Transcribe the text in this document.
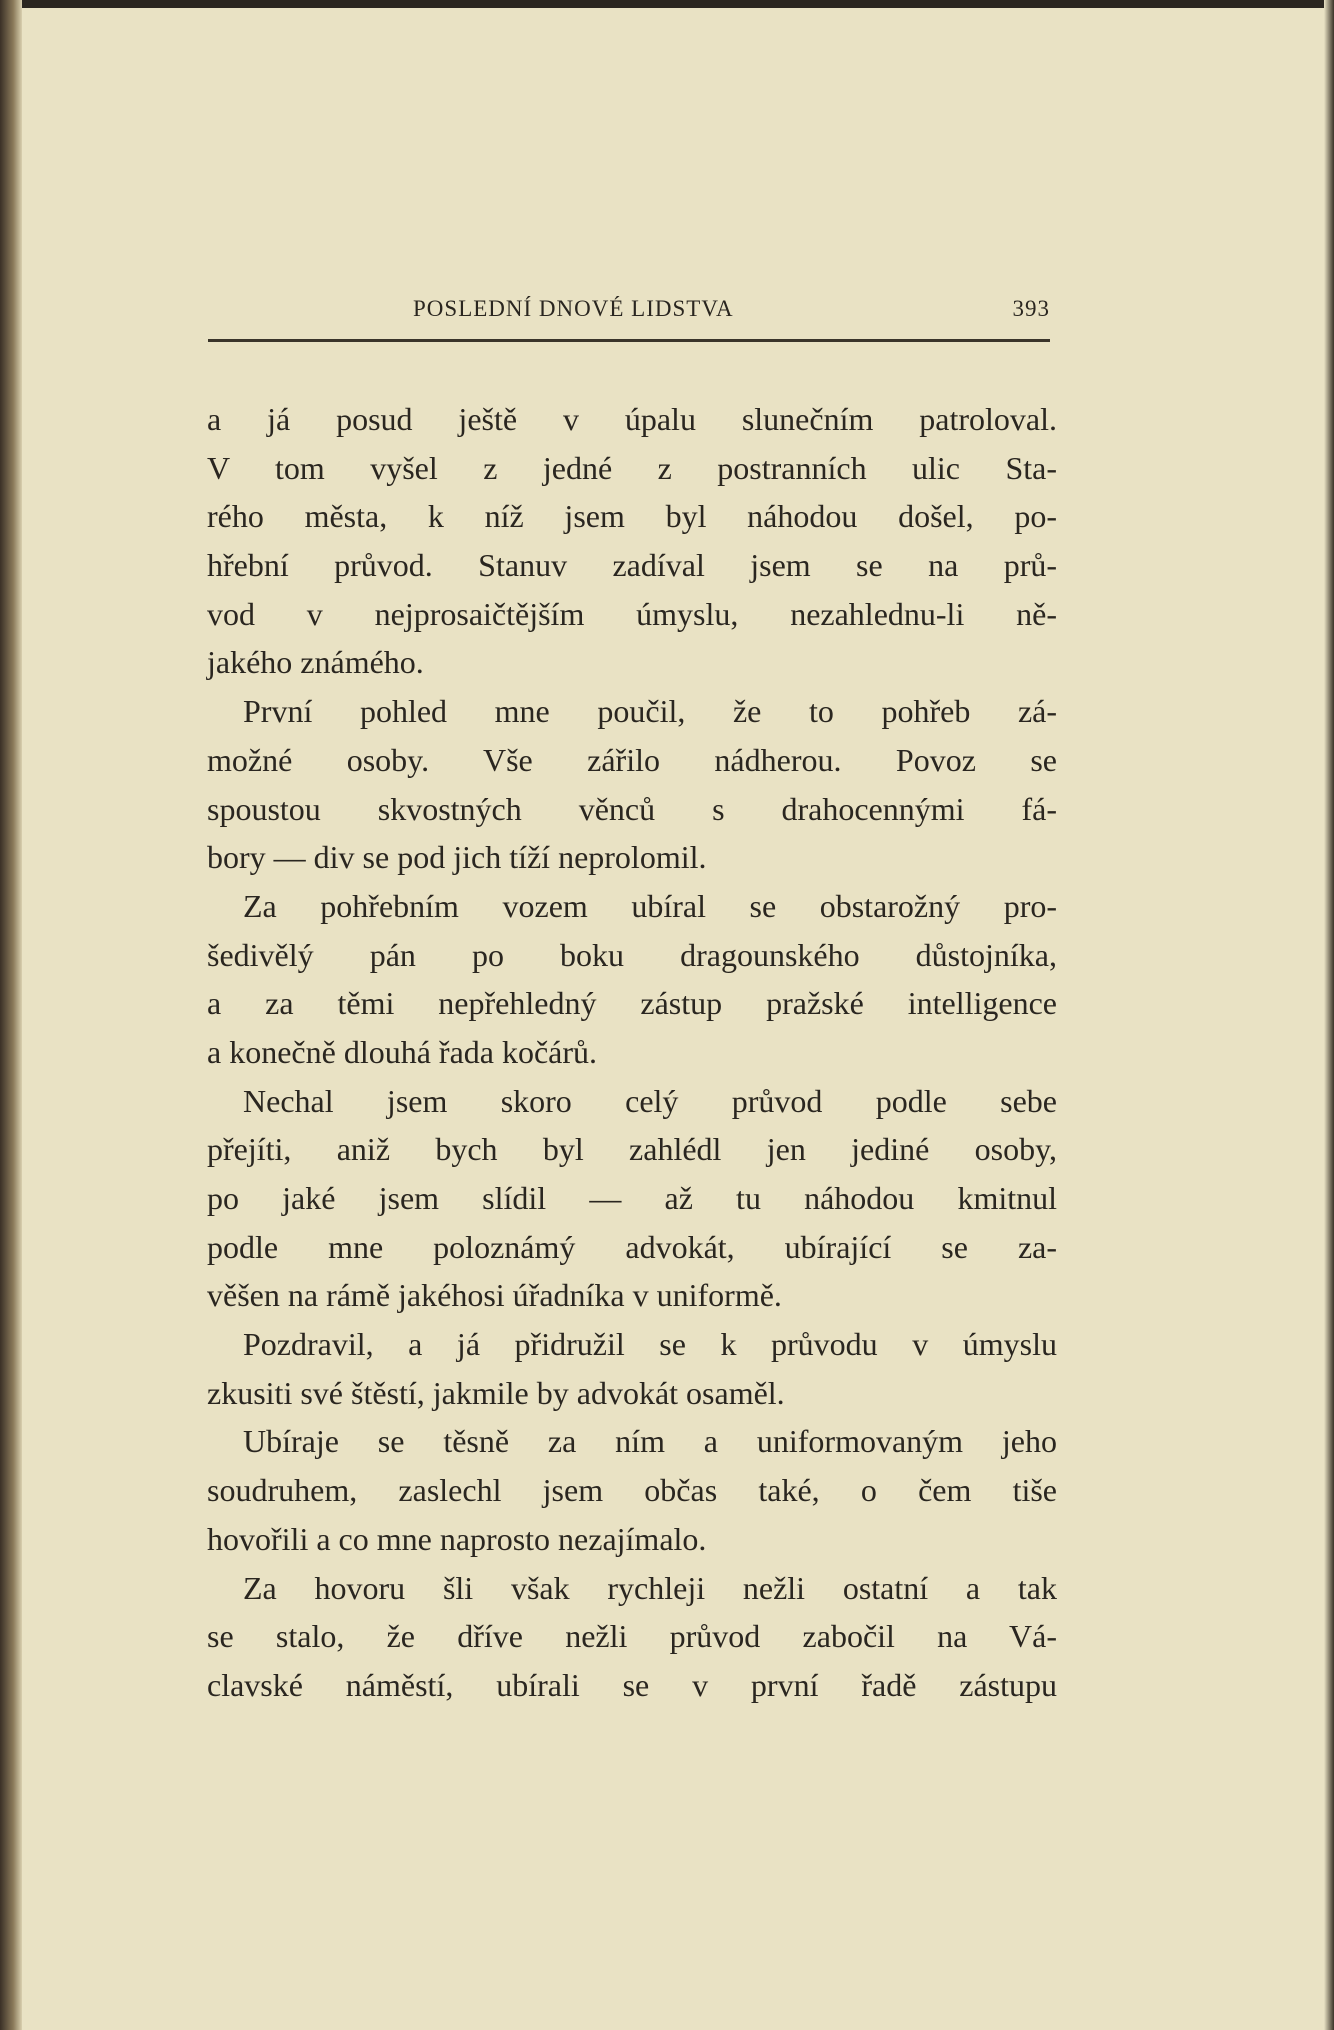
POSLEDNÍ DNOVÉ LIDSTVA	393
a já posud ještě v úpalu slunečním patroloval.
V tom vyšel z jedné z postranních ulic Sta-
rého města, k níž jsem byl náhodou došel, po-
hřební průvod. Stanuv zadíval jsem se na prů-
vod v nejprosaičtějším úmyslu, nezahlednu-li ně-
jakého známého.
První pohled mne poučil, že to pohřeb zá-
možné osoby. Vše zářilo nádherou. Povoz se
spoustou skvostných věnců s drahocennými fá-
bory — div se pod jich tíží neprolomil.
Za pohřebním vozem ubíral se obstarožný pro-
šedivělý pán po boku dragounského důstojníka,
a za těmi nepřehledný zástup pražské intelligence
a konečně dlouhá řada kočárů.
Nechal jsem skoro celý průvod podle sebe
přejíti, aniž bych byl zahlédl jen jediné osoby,
po jaké jsem slídil — až tu náhodou kmitnul
podle mne poloznámý advokát, ubírající se za-
věšen na rámě jakéhosi úřadníka v uniformě.
Pozdravil, a já přidružil se k průvodu v úmyslu
zkusiti své štěstí, jakmile by advokát osaměl.
Ubíraje se těsně za ním a uniformovaným jeho
soudruhem, zaslechl jsem občas také, o čem tiše
hovořili a co mne naprosto nezajímalo.
Za hovoru šli však rychleji nežli ostatní a tak
se stalo, že dříve nežli průvod zabočil na Vá-
clavské náměstí, ubírali se v první řadě zástupu
